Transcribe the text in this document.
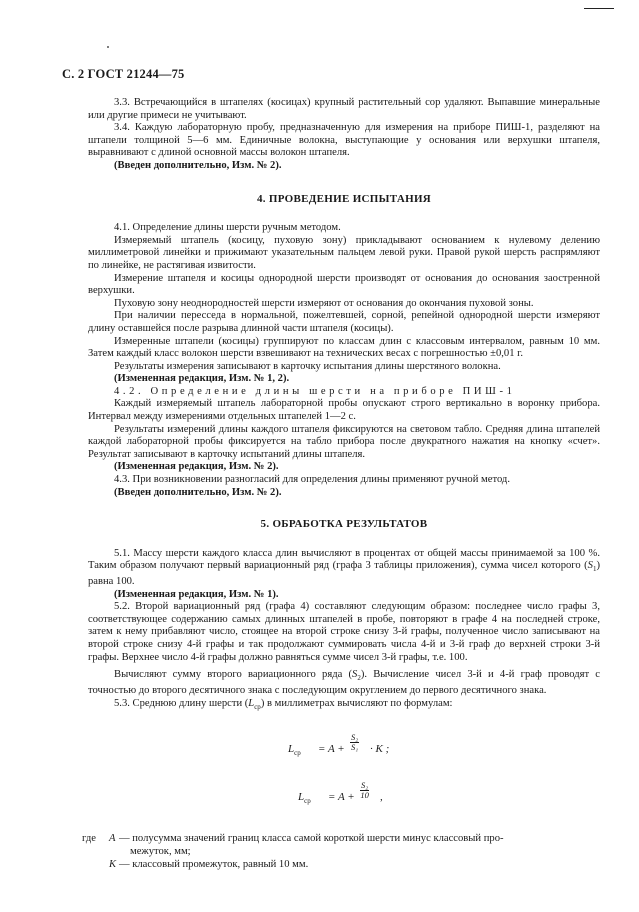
С. 2 ГОСТ 21244—75

3.3. Встречающийся в штапелях (косицах) крупный растительный сор удаляют. Выпавшие минеральные или другие примеси не учитывают.

3.4. Каждую лабораторную пробу, предназначенную для измерения на приборе ПИШ-1, разделяют на штапели толщиной 5—6 мм. Единичные волокна, выступающие у основания или верхушки штапеля, выравнивают с длиной основной массы волокон штапеля.

(Введен дополнительно, Изм. № 2).

4. ПРОВЕДЕНИЕ ИСПЫТАНИЯ

4.1. Определение длины шерсти ручным методом.

Измеряемый штапель (косицу, пуховую зону) прикладывают основанием к нулевому делению миллиметровой линейки и прижимают указательным пальцем левой руки. Правой рукой шерсть распрямляют по линейке, не растягивая извитости.

Измерение штапеля и косицы однородной шерсти производят от основания до основания заостренной верхушки.

Пуховую зону неоднородностей шерсти измеряют от основания до окончания пуховой зоны.

При наличии пересседа в нормальной, пожелтевшей, сорной, репейной однородной шерсти измеряют длину оставшейся после разрыва длинной части штапеля (косицы).

Измеренные штапели (косицы) группируют по классам длин с классовым интервалом, равным 10 мм. Затем каждый класс волокон шерсти взвешивают на технических весах с погрешностью ±0,01 г.

Результаты измерения записывают в карточку испытания длины шерстяного волокна.

(Измененная редакция, Изм. № 1, 2).

4.2. Определение длины шерсти на приборе ПИШ-1

Каждый измеряемый штапель лабораторной пробы опускают строго вертикально в воронку прибора. Интервал между измерениями отдельных штапелей 1—2 с.

Результаты измерений длины каждого штапеля фиксируются на световом табло. Средняя длина штапелей каждой лабораторной пробы фиксируется на табло прибора после двукратного нажатия на кнопку «счет». Результат записывают в карточку испытаний длины штапеля.

(Измененная редакция, Изм. № 2).

4.3. При возникновении разногласий для определения длины применяют ручной метод.

(Введен дополнительно, Изм. № 2).

5. ОБРАБОТКА РЕЗУЛЬТАТОВ

5.1. Массу шерсти каждого класса длин вычисляют в процентах от общей массы принимаемой за 100 %. Таким образом получают первый вариационный ряд (графа 3 таблицы приложения), сумма чисел которого $(S_1)$ равна 100.

(Измененная редакция, Изм. № 1).

5.2. Второй вариационный ряд (графа 4) составляют следующим образом: последнее число графы 3, соответствующее содержанию самых длинных штапелей в пробе, повторяют в графе 4 на последней строке, затем к нему прибавляют число, стоящее на второй строке снизу 3-й графы, полученное число записывают на второй строке снизу 4-й графы и так продолжают суммировать числа 4-й и 3-й граф до верхней строки 3-й графы. Верхнее число 4-й графы должно равняться сумме чисел 3-й графы, т.е. 100.

Вычисляют сумму второго вариационного ряда $(S_2)$. Вычисление чисел 3-й и 4-й граф проводят с точностью до второго десятичного знака с последующим округлением до первого десятичного знака.

5.3. Среднюю длину шерсти $(L_{ср})$ в миллиметрах вычисляют по формулам:

$L_{ср} = A + \frac{\text{S₂}}{\text{S₁}} \cdot K$ ;
$L_{ср} = A + \frac{\text{S₂}}{10}$ ,
где A — полусумма значений границ класса самой короткой шерсти минус классовый про-
межуток, мм;
K — классовый промежуток, равный 10 мм.
